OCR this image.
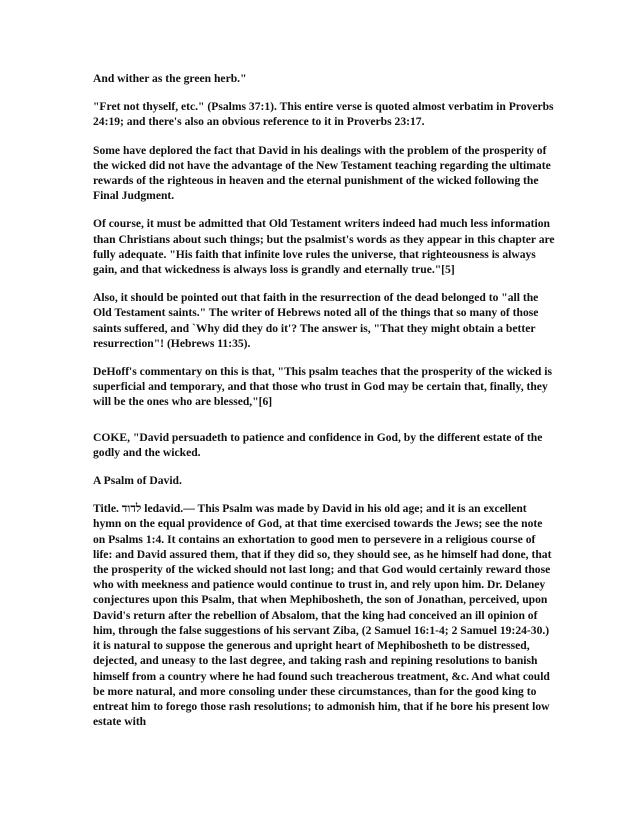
And wither as the green herb."

"Fret not thyself, etc." (Psalms 37:1). This entire verse is quoted almost verbatim in Proverbs 24:19; and there's also an obvious reference to it in Proverbs 23:17.

Some have deplored the fact that David in his dealings with the problem of the prosperity of the wicked did not have the advantage of the New Testament teaching regarding the ultimate rewards of the righteous in heaven and the eternal punishment of the wicked following the Final Judgment.

Of course, it must be admitted that Old Testament writers indeed had much less information than Christians about such things; but the psalmist's words as they appear in this chapter are fully adequate. "His faith that infinite love rules the universe, that righteousness is always gain, and that wickedness is always loss is grandly and eternally true."[5]

Also, it should be pointed out that faith in the resurrection of the dead belonged to "all the Old Testament saints." The writer of Hebrews noted all of the things that so many of those saints suffered, and `Why did they do it'? The answer is, "That they might obtain a better resurrection"! (Hebrews 11:35).

DeHoff's commentary on this is that, "This psalm teaches that the prosperity of the wicked is superficial and temporary, and that those who trust in God may be certain that, finally, they will be the ones who are blessed,"[6]

COKE, "David persuadeth to patience and confidence in God, by the different estate of the godly and the wicked.

A Psalm of David.

Title. לדוד ledavid.— This Psalm was made by David in his old age; and it is an excellent hymn on the equal providence of God, at that time exercised towards the Jews; see the note on Psalms 1:4. It contains an exhortation to good men to persevere in a religious course of life: and David assured them, that if they did so, they should see, as he himself had done, that the prosperity of the wicked should not last long; and that God would certainly reward those who with meekness and patience would continue to trust in, and rely upon him. Dr. Delaney conjectures upon this Psalm, that when Mephibosheth, the son of Jonathan, perceived, upon David's return after the rebellion of Absalom, that the king had conceived an ill opinion of him, through the false suggestions of his servant Ziba, (2 Samuel 16:1-4; 2 Samuel 19:24-30.) it is natural to suppose the generous and upright heart of Mephibosheth to be distressed, dejected, and uneasy to the last degree, and taking rash and repining resolutions to banish himself from a country where he had found such treacherous treatment, &c. And what could be more natural, and more consoling under these circumstances, than for the good king to entreat him to forego those rash resolutions; to admonish him, that if he bore his present low estate with
